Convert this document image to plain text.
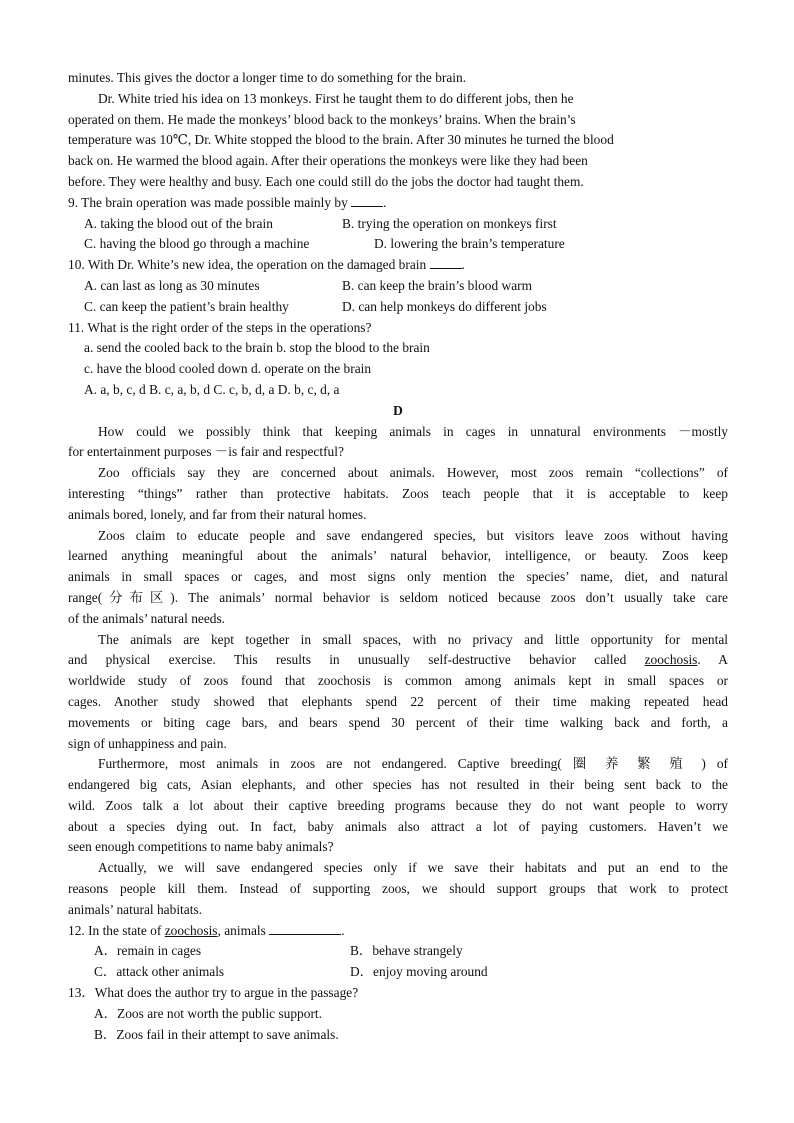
minutes. This gives the doctor a longer time to do something for the brain.
Dr. White tried his idea on 13 monkeys. First he taught them to do different jobs, then he
operated on them. He made the monkeys’ blood back to the monkeys’ brains. When the brain’s
temperature was 10℃, Dr. White stopped the blood to the brain. After 30 minutes he turned the blood
back on. He warmed the blood again. After their operations the monkeys were like they had been
before. They were healthy and busy. Each one could still do the jobs the doctor had taught them.
9. The brain operation was made possible mainly by	.
A. taking the blood out of the brain	B. trying the operation on monkeys first
C. having the blood go through a machine	D. lowering the brain’s temperature
10. With Dr. White’s new idea, the operation on the damaged brain	.
A. can last as long as 30 minutes	B. can keep the brain’s blood warm
C. can keep the patient’s brain healthy	D. can help monkeys do different jobs
11. What is the right order of the steps in the operations?
a. send the cooled back to the brain b. stop the blood to the brain
c. have the blood cooled down d. operate on the brain
A. a, b, c, d B. c, a, b, d C. c, b, d, a D. b, c, d, a
D
How could we possibly think that keeping animals in cages in unnatural environments －mostly
for entertainment purposes －is fair and respectful?
Zoo officials say they are concerned about animals. However, most zoos remain “collections” of
interesting “things” rather than protective habitats. Zoos teach people that it is acceptable to keep
animals bored, lonely, and far from their natural homes.
Zoos claim to educate people and save endangered species, but visitors leave zoos without having
learned anything meaningful about the animals’ natural behavior, intelligence, or beauty. Zoos keep
animals in small spaces or cages, and most signs only mention the species’ name, diet, and natural
range(分布区). The animals’ normal behavior is seldom noticed because zoos don’t usually take care
of the animals’ natural needs.
The animals are kept together in small spaces, with no privacy and little opportunity for mental
and physical exercise. This results in unusually self-destructive behavior called zoochosis. A
worldwide study of zoos found that zoochosis is common among animals kept in small spaces or
cages. Another study showed that elephants spend 22 percent of their time making repeated head
movements or biting cage bars, and bears spend 30 percent of their time walking back and forth, a
sign of unhappiness and pain.
Furthermore, most animals in zoos are not endangered. Captive breeding( 圈 养 繁 殖 ) of
endangered big cats, Asian elephants, and other species has not resulted in their being sent back to the
wild. Zoos talk a lot about their captive breeding programs because they do not want people to worry
about a species dying out. In fact, baby animals also attract a lot of paying customers. Haven’t we
seen enough competitions to name baby animals?
Actually, we will save endangered species only if we save their habitats and put an end to the
reasons people kill them. Instead of supporting zoos, we should support groups that work to protect
animals’ natural habitats.
12. In the state of zoochosis, animals	.
A．remain in cages	B．behave strangely
C．attack other animals	D．enjoy moving around
13．What does the author try to argue in the passage?
A．Zoos are not worth the public support.
B．Zoos fail in their attempt to save animals.
